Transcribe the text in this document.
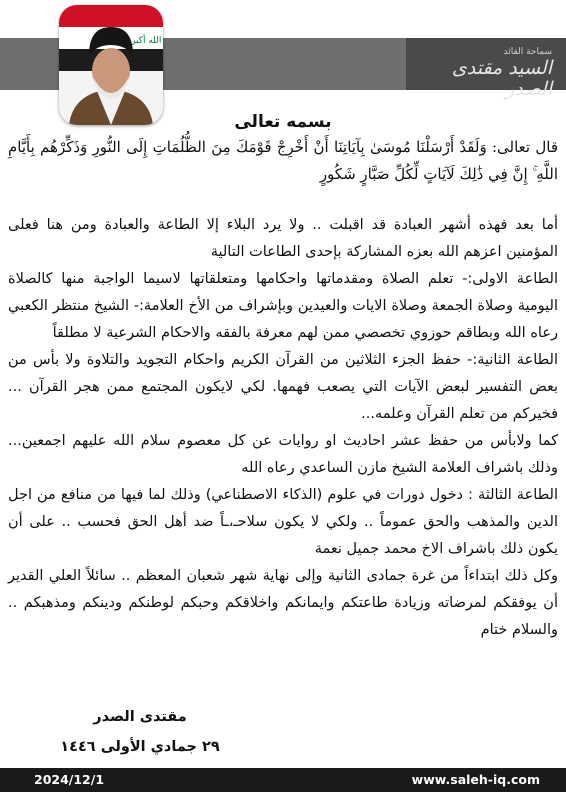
سماحة القائد
السيد مقتدى الصدر
الله أكبر
بسمه تعالى

قال تعالى: وَلَقَدْ أَرْسَلْنَا مُوسَىٰ بِآيَاتِنَا أَنْ أَخْرِجْ قَوْمَكَ مِنَ الظُّلُمَاتِ إِلَى النُّورِ وَذَكِّرْهُم بِأَيَّامِ اللَّهِ ۚ إِنَّ فِي ذَٰلِكَ لَآيَاتٍ لِّكُلِّ صَبَّارٍ شَكُورٍ

أما بعد فهذه أشهر العبادة قد اقبلت .. ولا يرد البلاء إلا الطاعة والعبادة ومن هنا فعلى المؤمنين اعزهم الله بعزه المشاركة بإحدى الطاعات التالية

الطاعة الاولى:- تعلم الصلاة ومقدماتها واحكامها ومتعلقاتها لاسيما الواجبة منها كالصلاة اليومية وصلاة الجمعة وصلاة الايات والعيدين وبإشراف من الأخ العلامة:- الشيخ منتظر الكعبي رعاه الله وبطاقم حوزوي تخصصي ممن لهم معرفة بالفقه والاحكام الشرعية لا مطلقاً

الطاعة الثانية:- حفظ الجزء الثلاثين من القرآن الكريم واحكام التجويد والتلاوة ولا بأس من بعض التفسير لبعض الآيات التي يصعب فهمها. لكي لايكون المجتمع ممن هجر القرآن ... فخيركم من تعلم القرآن وعلمه...

كما ولابأس من حفظ عشر احاديث او روايات عن كل معصوم سلام الله عليهم اجمعين... وذلك باشراف العلامة الشيخ مازن الساعدي رعاه الله

الطاعة الثالثة : دخول دورات في علوم (الذكاء الاصطناعي) وذلك لما فيها من منافع من اجل الدين والمذهب والحق عموماً .. ولكي لا يكون سلاحـ،ـاً ضد أهل الحق فحسب .. على أن يكون ذلك باشراف الاخ محمد جميل نعمة

وكل ذلك ابتداءاً من غرة جمادى الثانية وإلى نهاية شهر شعبان المعظم .. سائلاً العلي القدير أن يوفقكم لمرضاته وزيادة طاعتكم وايمانكم واخلاقكم وحبكم لوطنكم ودينكم ومذهبكم .. والسلام ختام

مقتدى الصدر
٢٩ جمادي الأولى ١٤٤٦
2024/12/1	www.saleh-iq.com
